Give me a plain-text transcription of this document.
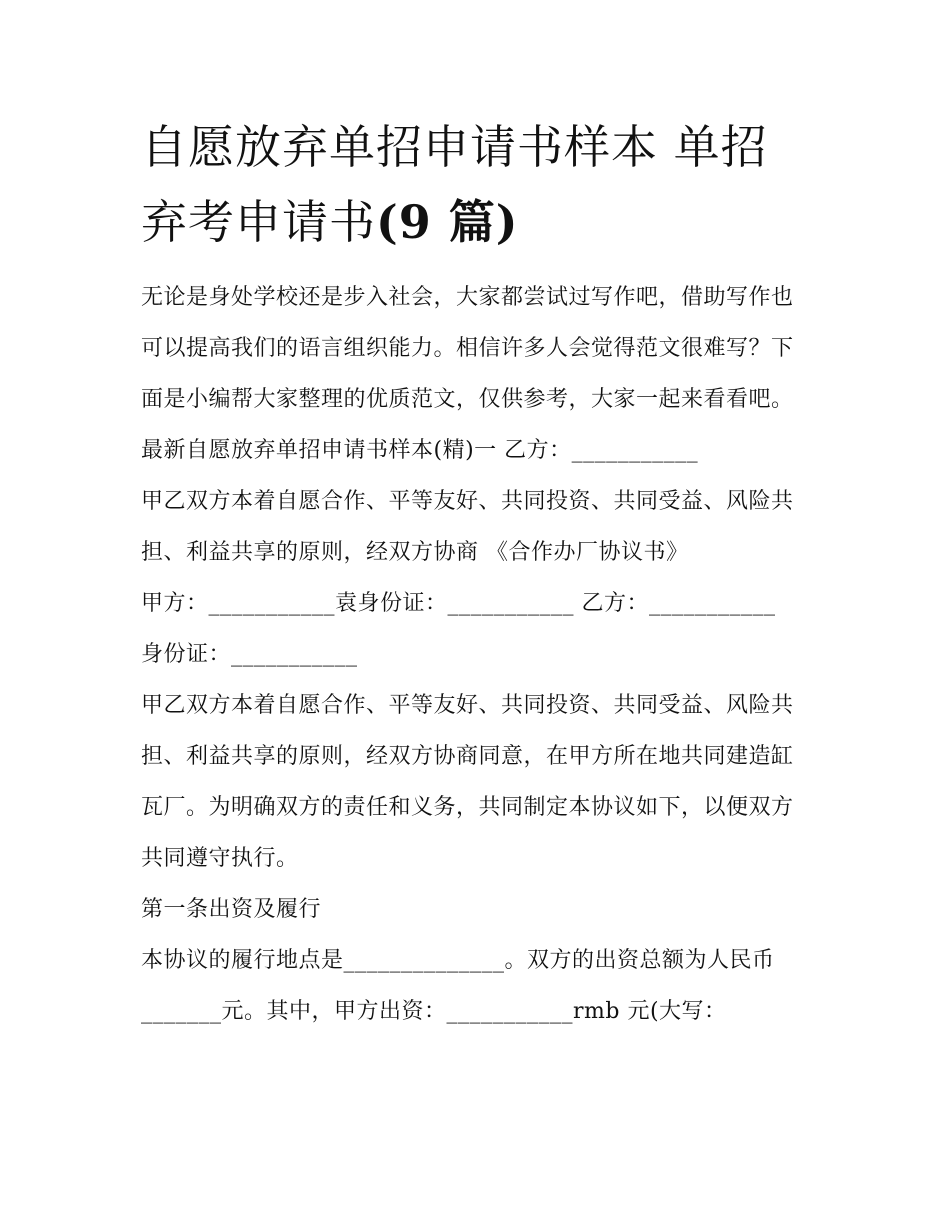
自愿放弃单招申请书样本 单招弃考申请书(9 篇)

无论是身处学校还是步入社会，大家都尝试过写作吧，借助写作也可以提高我们的语言组织能力。相信许多人会觉得范文很难写？下面是小编帮大家整理的优质范文，仅供参考，大家一起来看看吧。

最新自愿放弃单招申请书样本(精)一 乙方：___________

甲乙双方本着自愿合作、平等友好、共同投资、共同受益、风险共担、利益共享的原则，经双方协商 《合作办厂协议书》

甲方：___________袁身份证：___________ 乙方：___________

身份证：___________

甲乙双方本着自愿合作、平等友好、共同投资、共同受益、风险共担、利益共享的原则，经双方协商同意，在甲方所在地共同建造缸瓦厂。为明确双方的责任和义务，共同制定本协议如下，以便双方共同遵守执行。

第一条出资及履行

本协议的履行地点是______________。双方的出资总额为人民币_______元。其中，甲方出资：___________rmb 元(大写：
